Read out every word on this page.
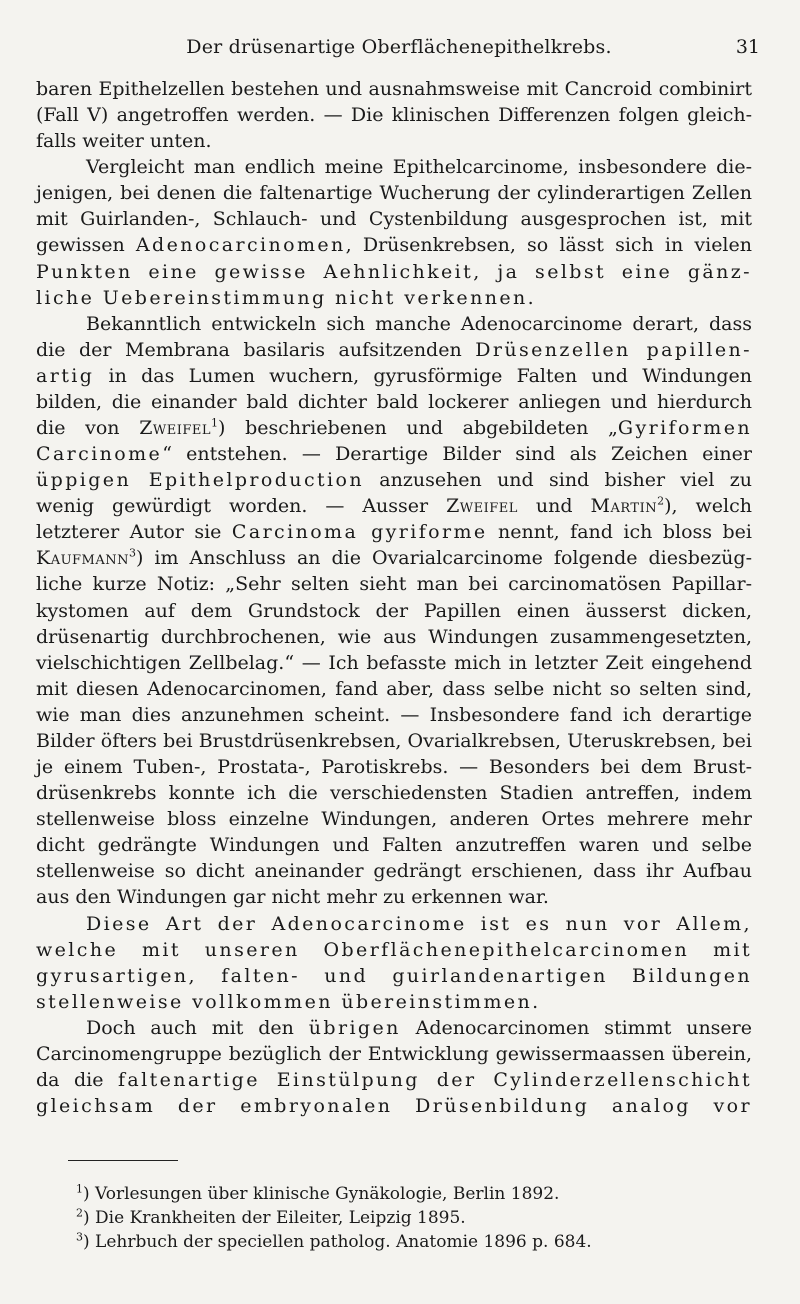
Der drüsenartige Oberflächenepithelkrebs.	31
baren Epithelzellen bestehen und ausnahmsweise mit Cancroid combinirt
(Fall V) angetroffen werden. — Die klinischen Differenzen folgen gleich-
falls weiter unten.
Vergleicht man endlich meine Epithelcarcinome, insbesondere die-
jenigen, bei denen die faltenartige Wucherung der cylinderartigen Zellen
mit Guirlanden-, Schlauch- und Cystenbildung ausgesprochen ist, mit
gewissen Adenocarcinomen, Drüsenkrebsen, so lässt sich in vielen
Punkten eine gewisse Aehnlichkeit, ja selbst eine gänz-
liche Uebereinstimmung nicht verkennen.
Bekanntlich entwickeln sich manche Adenocarcinome derart, dass
die der Membrana basilaris aufsitzenden Drüsenzellen papillen-
artig in das Lumen wuchern, gyrusförmige Falten und Windungen
bilden, die einander bald dichter bald lockerer anliegen und hierdurch
die von Zweifel$^1$) beschriebenen und abgebildeten „Gyriformen
Carcinome“ entstehen. — Derartige Bilder sind als Zeichen einer
üppigen Epithelproduction anzusehen und sind bisher viel zu
wenig gewürdigt worden. — Ausser Zweifel und Martin$^2$), welch
letzterer Autor sie Carcinoma gyriforme nennt, fand ich bloss bei
Kaufmann$^3$) im Anschluss an die Ovarialcarcinome folgende diesbezüg-
liche kurze Notiz: „Sehr selten sieht man bei carcinomatösen Papillar-
kystomen auf dem Grundstock der Papillen einen äusserst dicken,
drüsenartig durchbrochenen, wie aus Windungen zusammengesetzten,
vielschichtigen Zellbelag.“ — Ich befasste mich in letzter Zeit eingehend
mit diesen Adenocarcinomen, fand aber, dass selbe nicht so selten sind,
wie man dies anzunehmen scheint. — Insbesondere fand ich derartige
Bilder öfters bei Brustdrüsenkrebsen, Ovarialkrebsen, Uteruskrebsen, bei
je einem Tuben-, Prostata-, Parotiskrebs. — Besonders bei dem Brust-
drüsenkrebs konnte ich die verschiedensten Stadien antreffen, indem
stellenweise bloss einzelne Windungen, anderen Ortes mehrere mehr
dicht gedrängte Windungen und Falten anzutreffen waren und selbe
stellenweise so dicht aneinander gedrängt erschienen, dass ihr Aufbau
aus den Windungen gar nicht mehr zu erkennen war.
Diese Art der Adenocarcinome ist es nun vor Allem,
welche mit unseren Oberflächenepithelcarcinomen mit
gyrusartigen, falten- und guirlandenartigen Bildungen
stellenweise vollkommen übereinstimmen.
Doch auch mit den übrigen Adenocarcinomen stimmt unsere
Carcinomengruppe bezüglich der Entwicklung gewissermaassen überein,
da die faltenartige Einstülpung der Cylinderzellenschicht
gleichsam der embryonalen Drüsenbildung analog vor
$^1$) Vorlesungen über klinische Gynäkologie, Berlin 1892.
$^2$) Die Krankheiten der Eileiter, Leipzig 1895.
$^3$) Lehrbuch der speciellen patholog. Anatomie 1896 p. 684.
